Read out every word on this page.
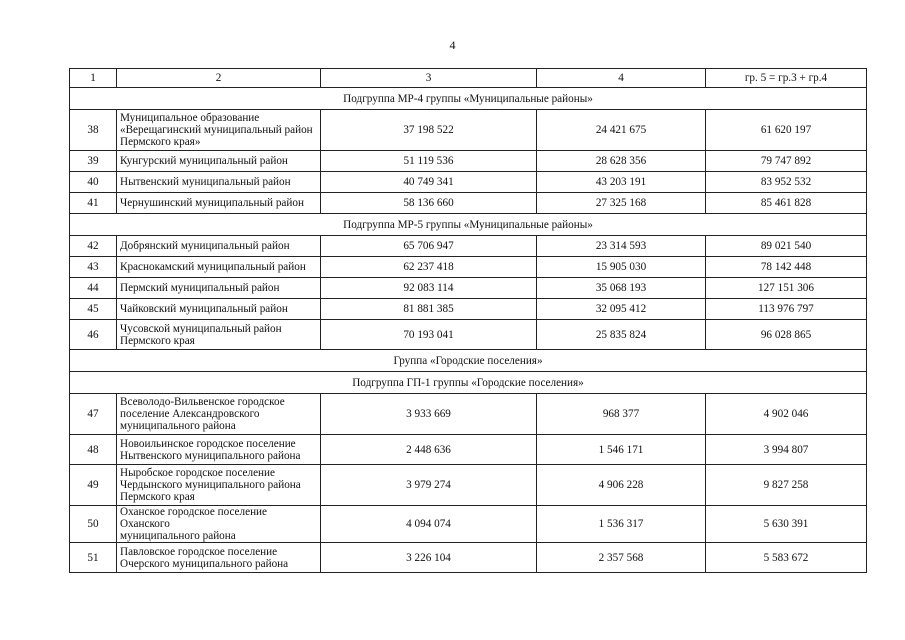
4
1	2	3	4	гр. 5 = гр.3 + гр.4
Подгруппа МР-4 группы «Муниципальные районы»				
38	Муниципальное образование
«Верещагинский муниципальный район
Пермского края»	37 198 522	24 421 675	61 620 197
39	Кунгурский муниципальный район	51 119 536	28 628 356	79 747 892
40	Нытвенский муниципальный район	40 749 341	43 203 191	83 952 532
41	Чернушинский муниципальный район	58 136 660	27 325 168	85 461 828
Подгруппа МР-5 группы «Муниципальные районы»				
42	Добрянский муниципальный район	65 706 947	23 314 593	89 021 540
43	Краснокамский муниципальный район	62 237 418	15 905 030	78 142 448
44	Пермский муниципальный район	92 083 114	35 068 193	127 151 306
45	Чайковский муниципальный район	81 881 385	32 095 412	113 976 797
46	Чусовской муниципальный район
Пермского края	70 193 041	25 835 824	96 028 865
Группа «Городские поселения»				
Подгруппа ГП-1 группы «Городские поселения»				
47	Всеволодо-Вильвенское городское
поселение Александровского
муниципального района	3 933 669	968 377	4 902 046
48	Новоильинское городское поселение
Нытвенского муниципального района	2 448 636	1 546 171	3 994 807
49	Ныробское городское поселение
Чердынского муниципального района
Пермского края	3 979 274	4 906 228	9 827 258
50	Оханское городское поселение Оханского
муниципального района	4 094 074	1 536 317	5 630 391
51	Павловское городское поселение
Очерского муниципального района	3 226 104	2 357 568	5 583 672
